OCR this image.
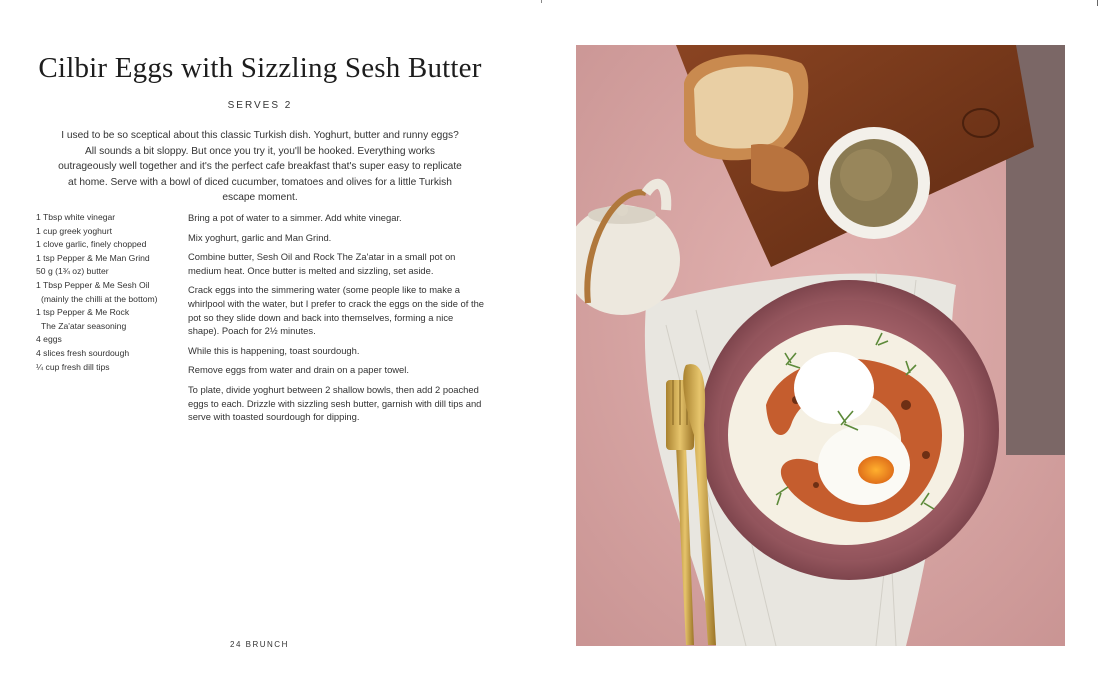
Cilbir Eggs with Sizzling Sesh Butter
SERVES 2
I used to be so sceptical about this classic Turkish dish. Yoghurt, butter and runny eggs? All sounds a bit sloppy. But once you try it, you'll be hooked. Everything works outrageously well together and it's the perfect cafe breakfast that's super easy to replicate at home. Serve with a bowl of diced cucumber, tomatoes and olives for a little Turkish escape moment.
1 Tbsp white vinegar
1 cup greek yoghurt
1 clove garlic, finely chopped
1 tsp Pepper & Me Man Grind
50 g (1¾ oz) butter
1 Tbsp Pepper & Me Sesh Oil
(mainly the chilli at the bottom)
1 tsp Pepper & Me Rock
The Za'atar seasoning
4 eggs
4 slices fresh sourdough
¼ cup fresh dill tips

Bring a pot of water to a simmer. Add white vinegar.

Mix yoghurt, garlic and Man Grind.

Combine butter, Sesh Oil and Rock The Za'atar in a small pot on medium heat. Once butter is melted and sizzling, set aside.

Crack eggs into the simmering water (some people like to make a whirlpool with the water, but I prefer to crack the eggs on the side of the pot so they slide down and back into themselves, forming a nice shape). Poach for 2½ minutes.

While this is happening, toast sourdough.

Remove eggs from water and drain on a paper towel.

To plate, divide yoghurt between 2 shallow bowls, then add 2 poached eggs to each. Drizzle with sizzling sesh butter, garnish with dill tips and serve with toasted sourdough for dipping.

24 BRUNCH
